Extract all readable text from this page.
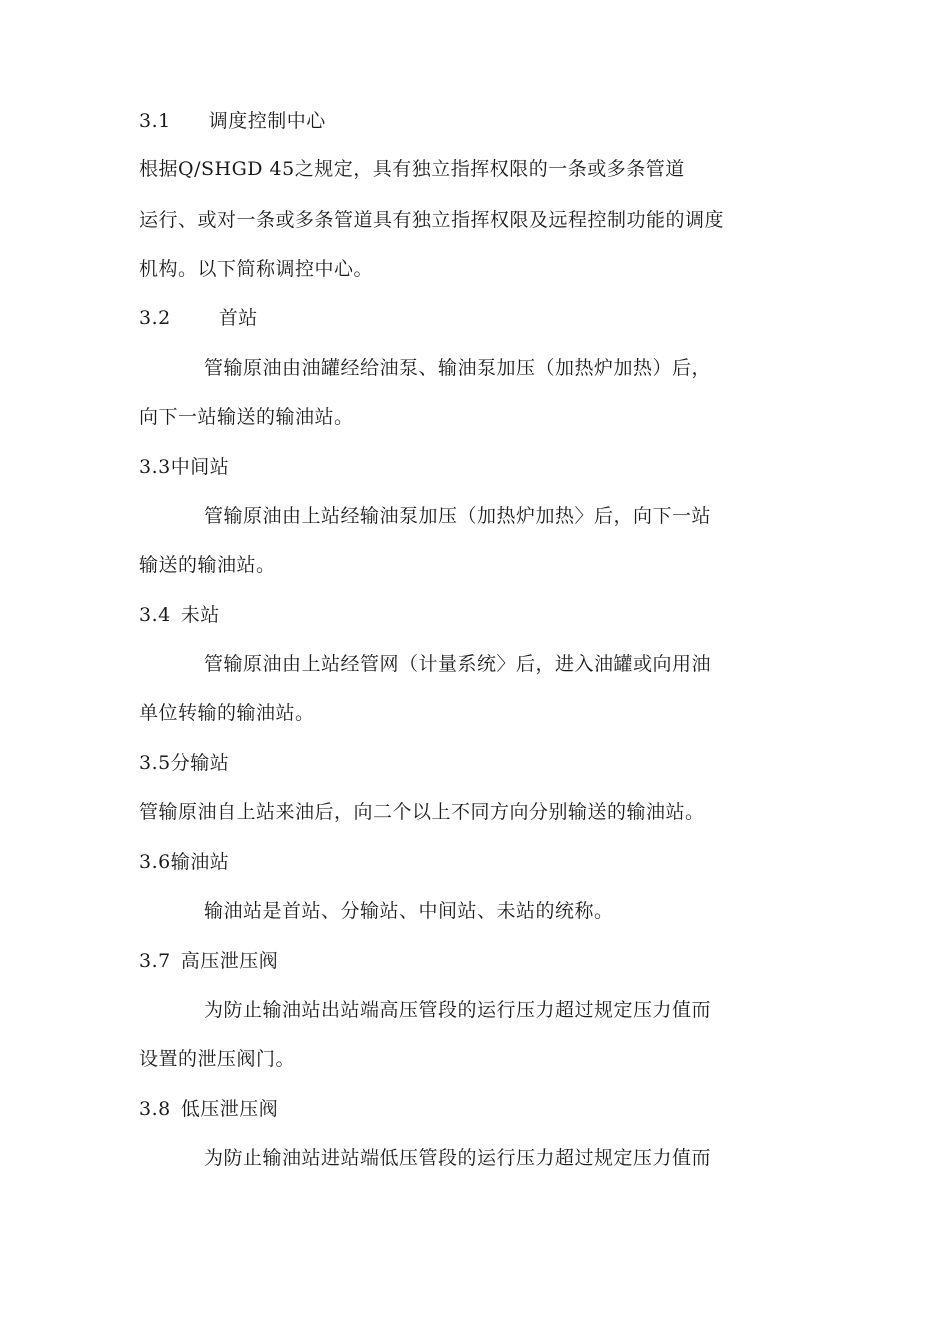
3.1 调度控制中心
根据Q/SHGD 45之规定，具有独立指挥权限的一条或多条管道
运行、或对一条或多条管道具有独立指挥权限及远程控制功能的调度
机构。以下简称调控中心。
3.2	首站
管输原油由油罐经给油泵、输油泵加压（加热炉加热）后，
向下一站输送的输油站。
3.3中间站
管输原油由上站经输油泵加压（加热炉加热〉后，向下一站
输送的输油站。
3.4 未站
管输原油由上站经管网（计量系统〉后，进入油罐或向用油
单位转输的输油站。
3.5分输站
管输原油自上站来油后，向二个以上不同方向分别输送的输油站。
3.6输油站
输油站是首站、分输站、中间站、未站的统称。
3.7 高压泄压阀
为防止输油站出站端高压管段的运行压力超过规定压力值而
设置的泄压阀门。
3.8 低压泄压阀
为防止输油站进站端低压管段的运行压力超过规定压力值而
